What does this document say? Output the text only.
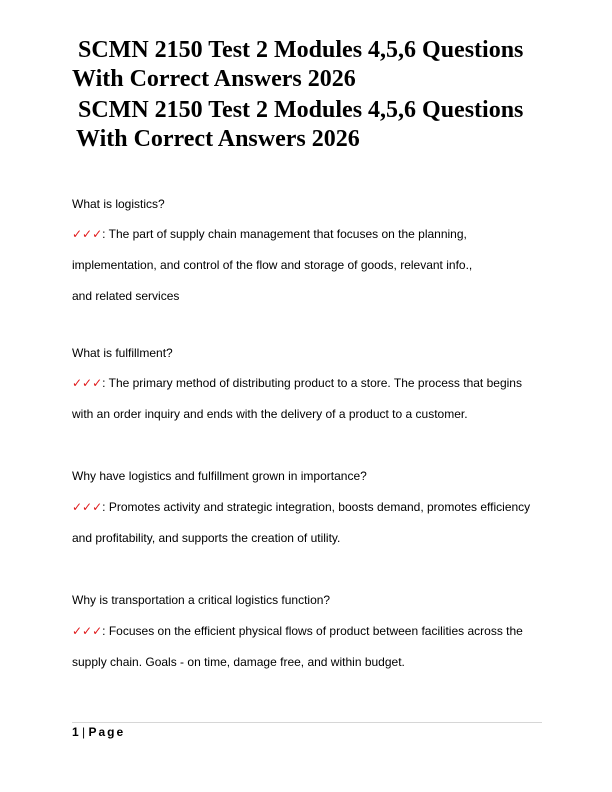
SCMN 2150 Test 2 Modules 4,5,6 Questions
With Correct Answers 2026
SCMN 2150 Test 2 Modules 4,5,6 Questions
With Correct Answers 2026
What is logistics?
✓✓✓: The part of supply chain management that focuses on the planning, implementation, and control of the flow and storage of goods, relevant info., and related services
What is fulfillment?
✓✓✓: The primary method of distributing product to a store. The process that begins with an order inquiry and ends with the delivery of a product to a customer.
Why have logistics and fulfillment grown in importance?
✓✓✓: Promotes activity and strategic integration, boosts demand, promotes efficiency and profitability, and supports the creation of utility.
Why is transportation a critical logistics function?
✓✓✓: Focuses on the efficient physical flows of product between facilities across the supply chain. Goals - on time, damage free, and within budget.
1 | Page
